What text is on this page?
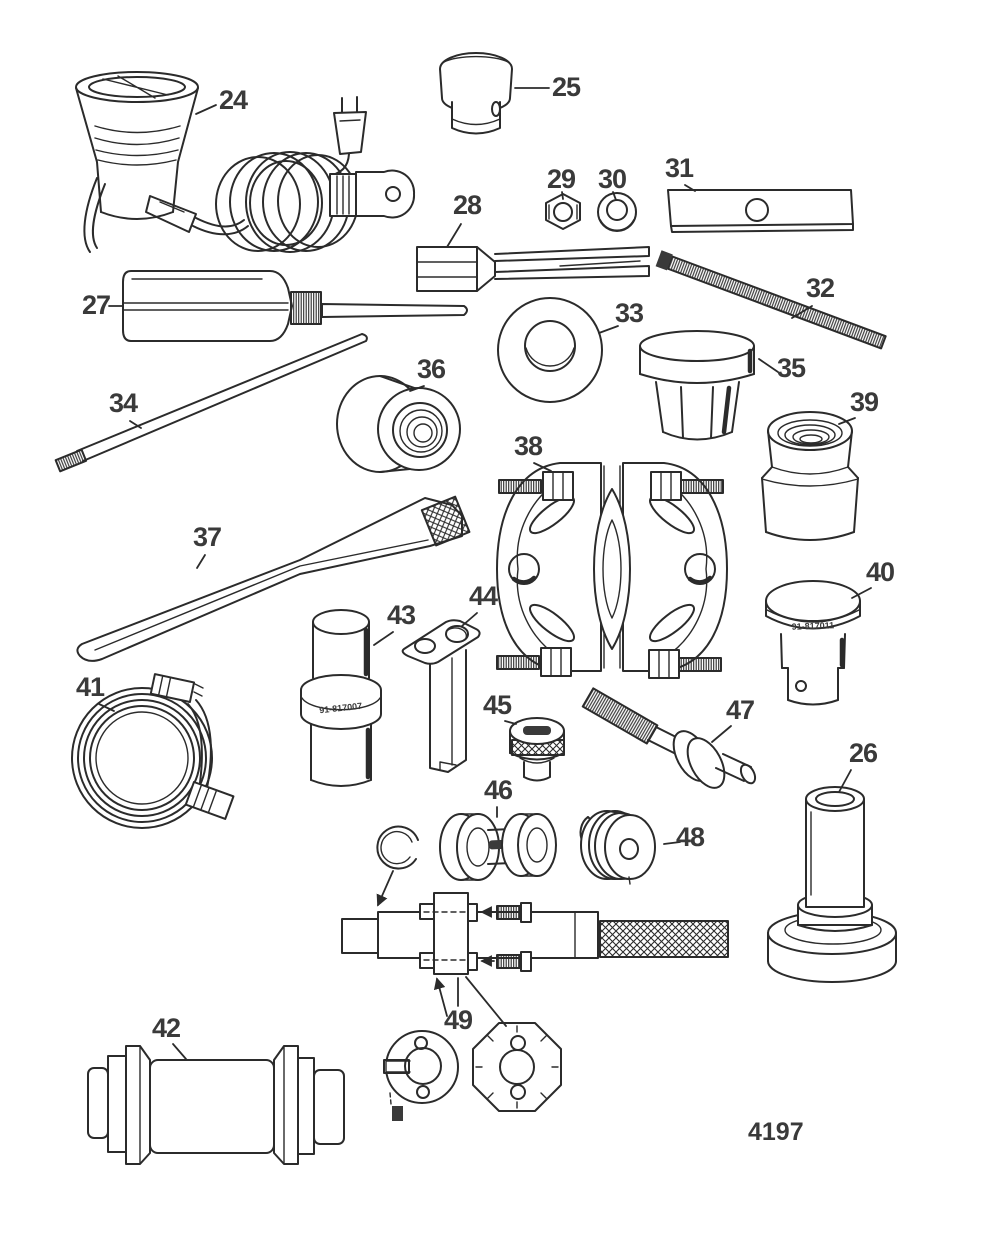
91-817011
91-817007
24	25
26
27
28
29 30 31
32
33
34
35
36
37
38
39
40
41
42
43
44
45
46
47
48
49
4197
